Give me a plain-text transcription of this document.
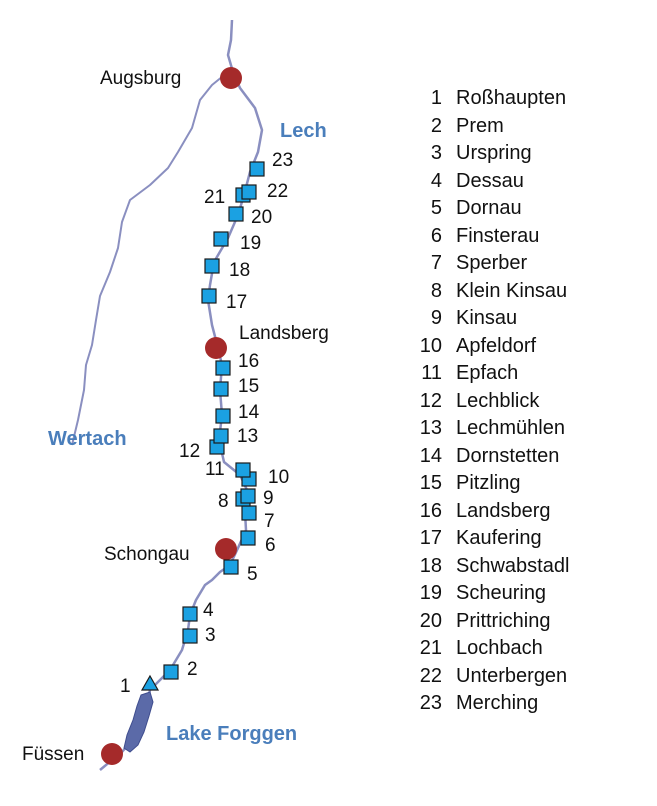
Augsburg
Landsberg
Schongau
Füssen
Lech
Wertach
Lake Forggen
1
2
3
4
5
6
7
8 9
10
11
12
13
14
15
16
17
18
19
20
21 22
23
1 Roßhaupten
2 Prem
3 Urspring
4 Dessau
5 Dornau
6 Finsterau
7 Sperber
8 Klein Kinsau
9 Kinsau
10 Apfeldorf
11 Epfach
12 Lechblick
13 Lechmühlen
14 Dornstetten
15 Pitzling
16 Landsberg
17 Kaufering
18 Schwabstadl
19 Scheuring
20 Prittriching
21 Lochbach
22 Unterbergen
23 Merching
